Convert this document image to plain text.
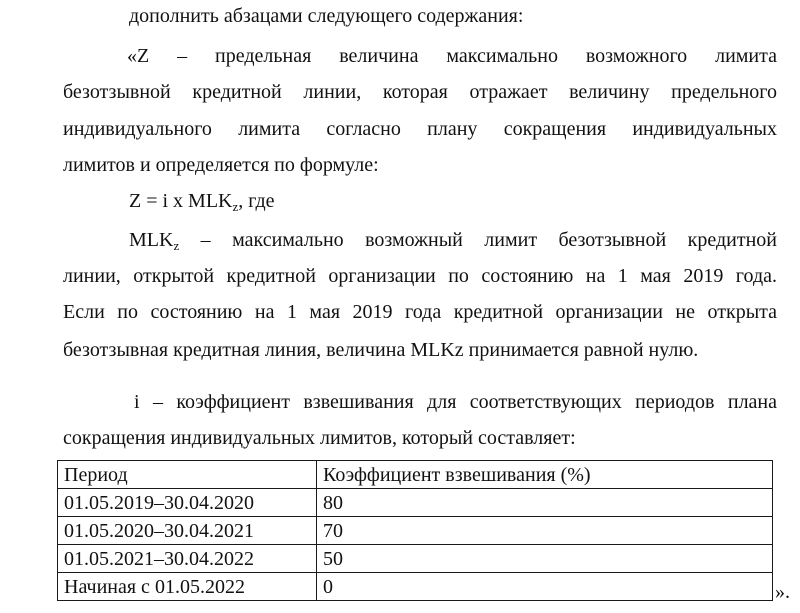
дополнить абзацами следующего содержания:
«Z – предельная величина максимально возможного лимита
безотзывной кредитной линии, которая отражает величину предельного
индивидуального лимита согласно плану сокращения индивидуальных
лимитов и определяется по формуле:
Z = i x $MLK_z$, где
$MLK_z$ – максимально возможный лимит безотзывной кредитной
линии, открытой кредитной организации по состоянию на 1 мая 2019 года.
Если по состоянию на 1 мая 2019 года кредитной организации не открыта
безотзывная кредитная линия, величина MLKz принимается равной нулю.
i – коэффициент взвешивания для соответствующих периодов плана
сокращения индивидуальных лимитов, который составляет:
Период	Коэффициент взвешивания (%)
01.05.2019–30.04.2020	80
01.05.2020–30.04.2021	70
01.05.2021–30.04.2022	50
Начиная с 01.05.2022	0	».
